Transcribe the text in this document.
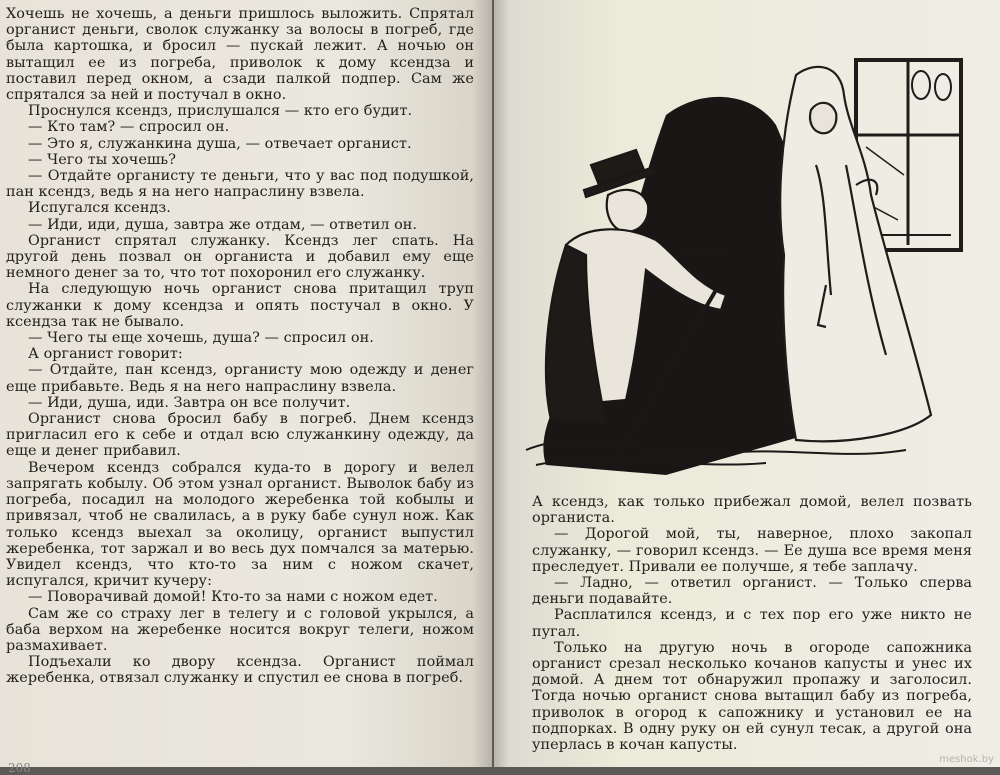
Хочешь не хочешь, а деньги пришлось выложить. Спрятал органист деньги, сволок служанку за волосы в погреб, где была картошка, и бросил — пускай лежит. А ночью он вытащил ее из погреба, приволок к дому ксендза и поставил перед окном, а сзади палкой подпер. Сам же спрятался за ней и постучал в окно.

Проснулся ксендз, прислушался — кто его будит.

— Кто там? — спросил он.

— Это я, служанкина душа, — отвечает органист.

— Чего ты хочешь?

— Отдайте органисту те деньги, что у вас под подушкой, пан ксендз, ведь я на него напраслину взвела.

Испугался ксендз.

— Иди, иди, душа, завтра же отдам, — ответил он.

Органист спрятал служанку. Ксендз лег спать. На другой день позвал он органиста и добавил ему еще немного денег за то, что тот похоронил его служанку.

На следующую ночь органист снова притащил труп служанки к дому ксендза и опять постучал в окно. У ксендза так не бывало.

— Чего ты еще хочешь, душа? — спросил он.

А органист говорит:

— Отдайте, пан ксендз, органисту мою одежду и денег еще прибавьте. Ведь я на него напраслину взвела.

— Иди, душа, иди. Завтра он все получит.

Органист снова бросил бабу в погреб. Днем ксендз пригласил его к себе и отдал всю служанкину одежду, да еще и денег прибавил.

Вечером ксендз собрался куда-то в дорогу и велел запрягать кобылу. Об этом узнал органист. Выволок бабу из погреба, посадил на молодого жеребенка той кобылы и привязал, чтоб не свалилась, а в руку бабе сунул нож. Как только ксендз выехал за околицу, органист выпустил жеребенка, тот заржал и во весь дух помчался за матерью. Увидел ксендз, что кто-то за ним с ножом скачет, испугался, кричит кучеру:

— Поворачивай домой! Кто-то за нами с ножом едет.

Сам же со страху лег в телегу и с головой укрылся, а баба верхом на жеребенке носится вокруг телеги, ножом размахивает.

Подъехали ко двору ксендза. Органист поймал жеребенка, отвязал служанку и спустил ее снова в погреб.

208

А ксендз, как только прибежал домой, велел позвать органиста.

— Дорогой мой, ты, наверное, плохо закопал служанку, — говорил ксендз. — Ее душа все время меня преследует. Привали ее получше, я тебе заплачу.

— Ладно, — ответил органист. — Только сперва деньги подавайте.

Расплатился ксендз, и с тех пор его уже никто не пугал.

Только на другую ночь в огороде сапожника органист срезал несколько кочанов капусты и унес их домой. А днем тот обнаружил пропажу и заголосил. Тогда ночью органист снова вытащил бабу из погреба, приволок в огород к сапожнику и установил ее на подпорках. В одну руку он ей сунул тесак, а другой она уперлась в кочан капусты.

meshok.by
